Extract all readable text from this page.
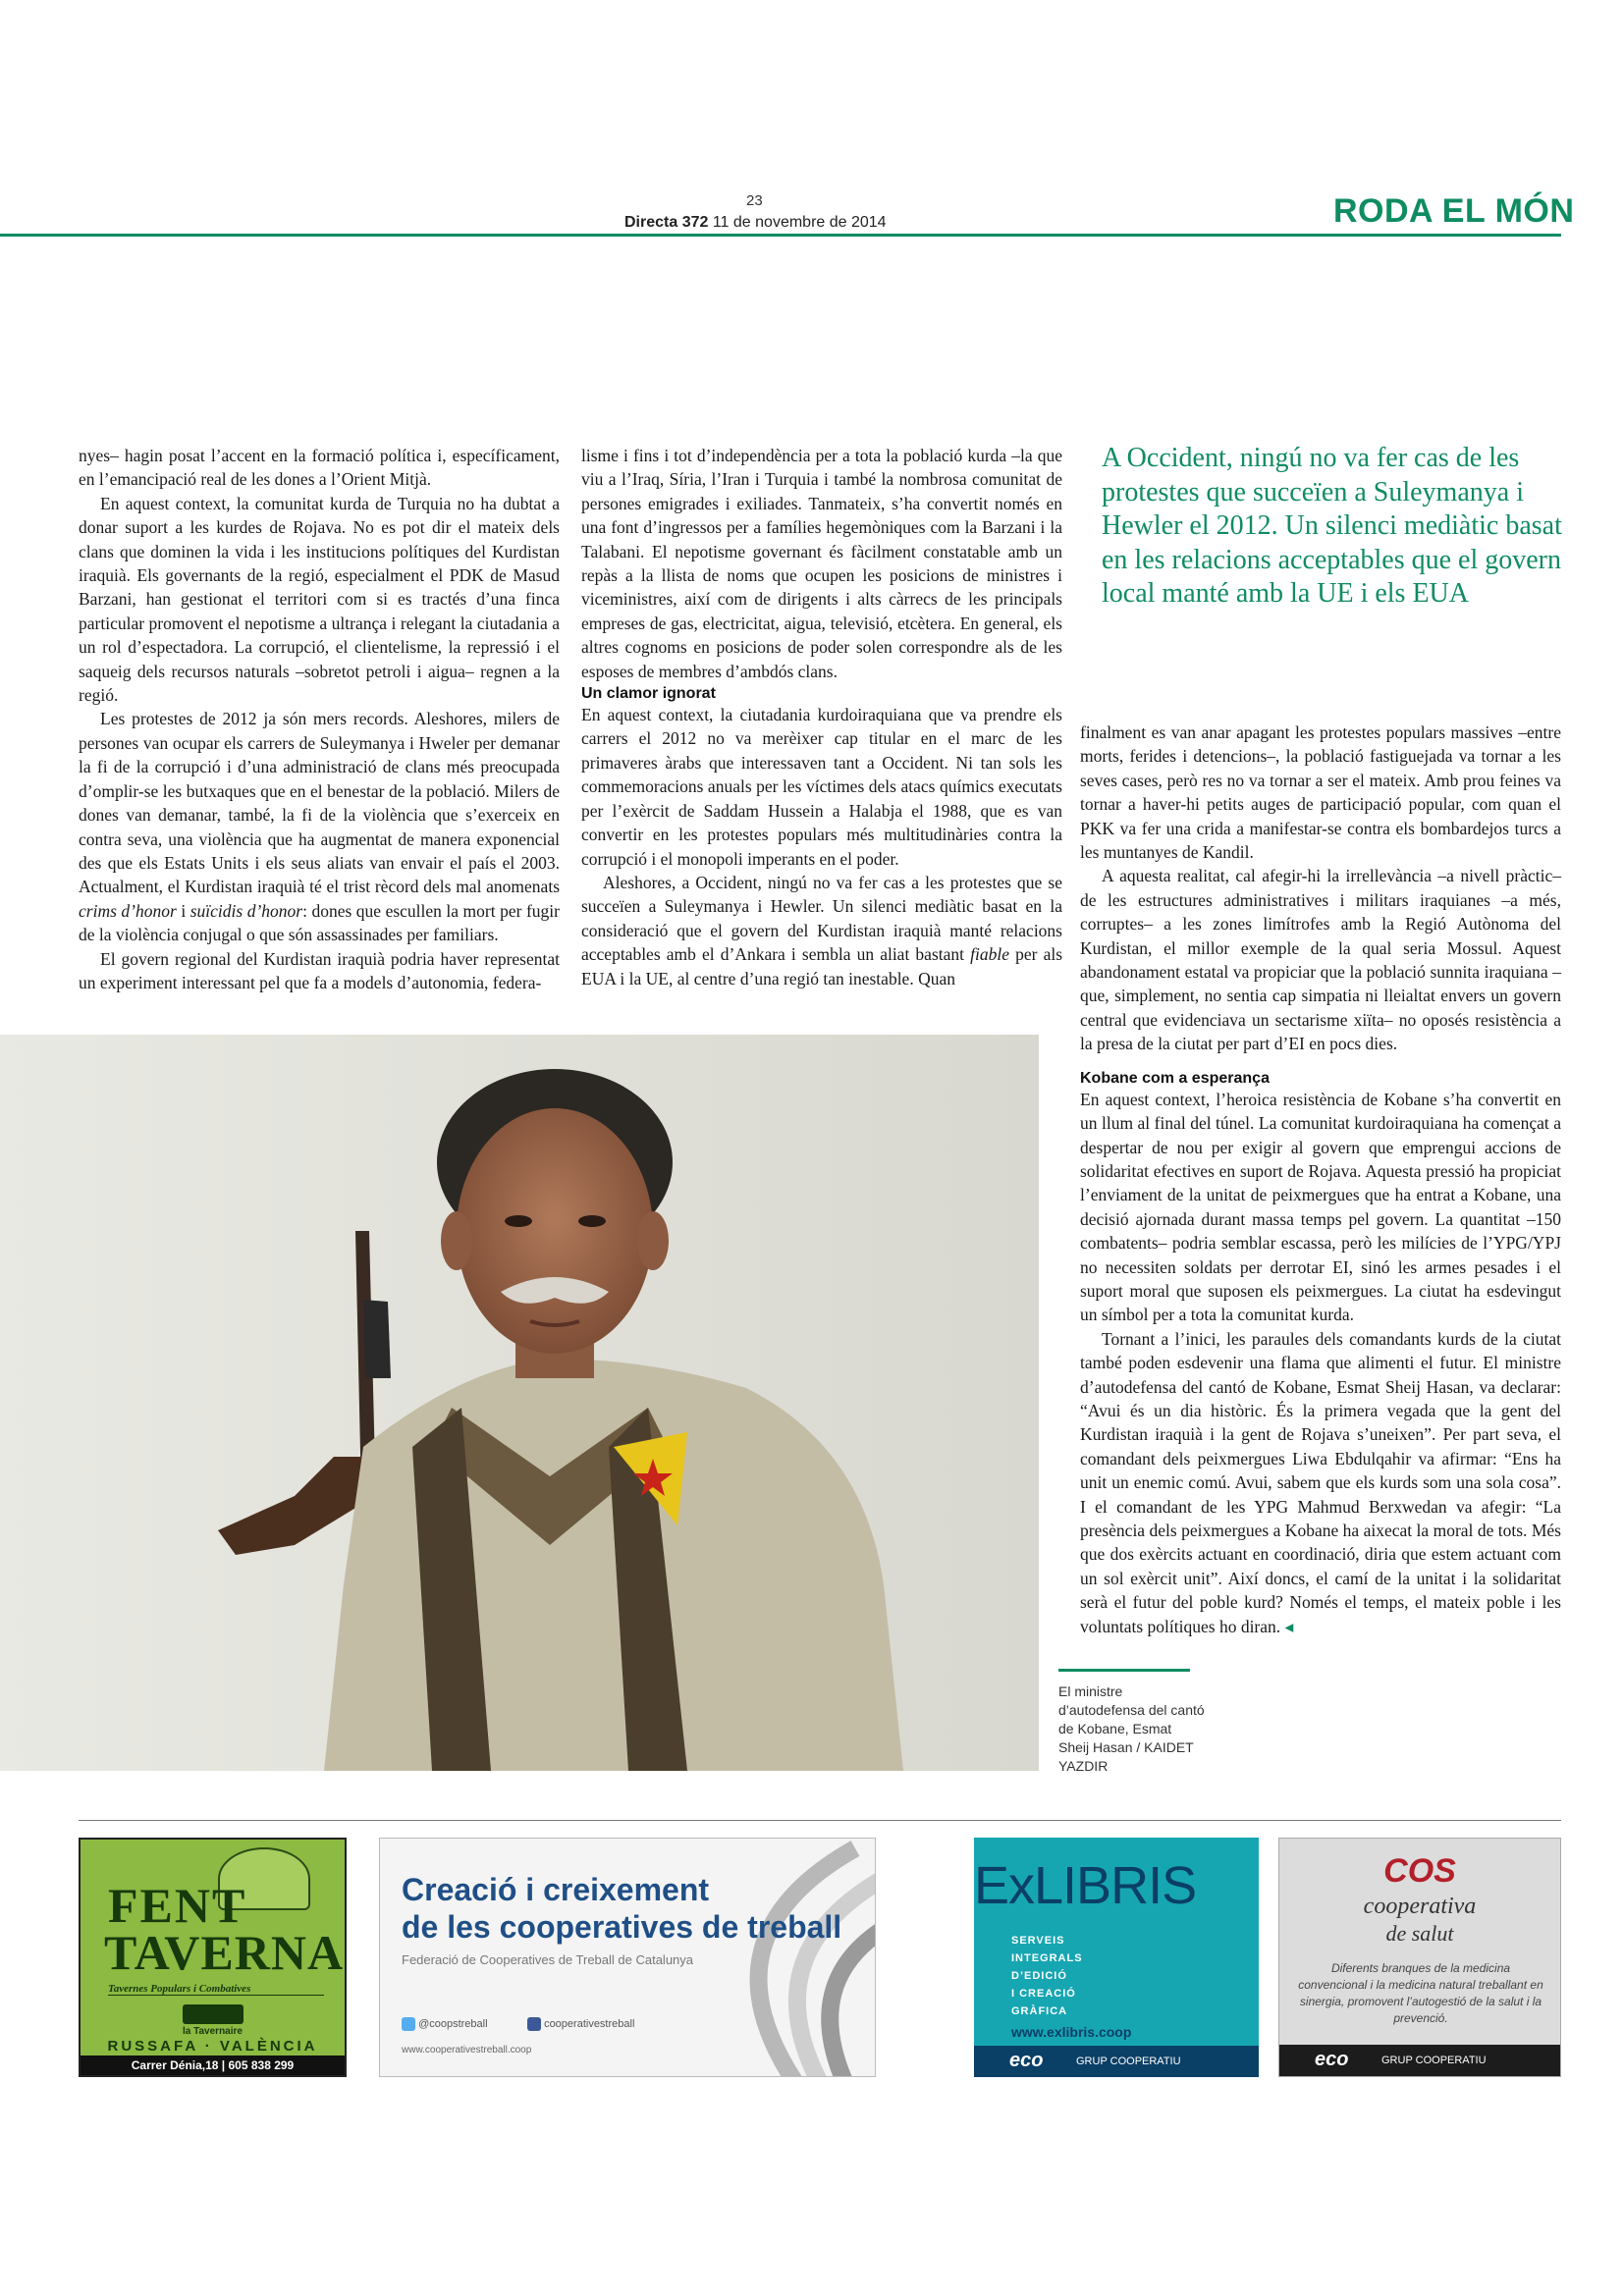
23
Directa 372 11 de novembre de 2014	RODA EL MÓN

nyes– hagin posat l’accent en la formació política i, específicament, en l’emancipació real de les dones a l’Orient Mitjà.

En aquest context, la comunitat kurda de Turquia no ha dubtat a donar suport a les kurdes de Rojava. No es pot dir el mateix dels clans que dominen la vida i les institucions polítiques del Kurdistan iraquià. Els governants de la regió, especialment el PDK de Masud Barzani, han gestionat el territori com si es tractés d’una finca particular promovent el nepotisme a ultrança i relegant la ciutadania a un rol d’espectadora. La corrupció, el clientelisme, la repressió i el saqueig dels recursos naturals –sobretot petroli i aigua– regnen a la regió.

Les protestes de 2012 ja són mers records. Aleshores, milers de persones van ocupar els carrers de Suleymanya i Hweler per demanar la fi de la corrupció i d’una administració de clans més preocupada d’omplir-se les butxaques que en el benestar de la població. Milers de dones van demanar, també, la fi de la violència que s’exerceix en contra seva, una violència que ha augmentat de manera exponencial des que els Estats Units i els seus aliats van envair el país el 2003. Actualment, el Kurdistan iraquià té el trist rècord dels mal anomenats crims d’honor i suïcidis d’honor: dones que escullen la mort per fugir de la violència conjugal o que són assassinades per familiars.

El govern regional del Kurdistan iraquià podria haver representat un experiment interessant pel que fa a models d’autonomia, federa-

lisme i fins i tot d’independència per a tota la població kurda –la que viu a l’Iraq, Síria, l’Iran i Turquia i també la nombrosa comunitat de persones emigrades i exiliades. Tanmateix, s’ha convertit només en una font d’ingressos per a famílies hegemòniques com la Barzani i la Talabani. El nepotisme governant és fàcilment constatable amb un repàs a la llista de noms que ocupen les posicions de ministres i viceministres, així com de dirigents i alts càrrecs de les principals empreses de gas, electricitat, aigua, televisió, etcètera. En general, els altres cognoms en posicions de poder solen correspondre als de les esposes de membres d’ambdós clans.

Un clamor ignorat

En aquest context, la ciutadania kurdoiraquiana que va prendre els carrers el 2012 no va merèixer cap titular en el marc de les primaveres àrabs que interessaven tant a Occident. Ni tan sols les commemoracions anuals per les víctimes dels atacs químics executats per l’exèrcit de Saddam Hussein a Halabja el 1988, que es van convertir en les protestes populars més multitudinàries contra la corrupció i el monopoli imperants en el poder.

Aleshores, a Occident, ningú no va fer cas a les protestes que se succeïen a Suleymanya i Hewler. Un silenci mediàtic basat en la consideració que el govern del Kurdistan iraquià manté relacions acceptables amb el d’Ankara i sembla un aliat bastant fiable per als EUA i la UE, al centre d’una regió tan inestable. Quan

A Occident, ningú no va fer cas de les protestes que succeïen a Suleymanya i Hewler el 2012. Un silenci mediàtic basat en les relacions acceptables que el govern local manté amb la UE i els EUA

finalment es van anar apagant les protestes populars massives –entre morts, ferides i detencions–, la població fastiguejada va tornar a les seves cases, però res no va tornar a ser el mateix. Amb prou feines va tornar a haver-hi petits auges de participació popular, com quan el PKK va fer una crida a manifestar-se contra els bombardejos turcs a les muntanyes de Kandil.

A aquesta realitat, cal afegir-hi la irrellevància –a nivell pràctic– de les estructures administratives i militars iraquianes –a més, corruptes– a les zones limítrofes amb la Regió Autònoma del Kurdistan, el millor exemple de la qual seria Mossul. Aquest abandonament estatal va propiciar que la població sunnita iraquiana –que, simplement, no sentia cap simpatia ni lleialtat envers un govern central que evidenciava un sectarisme xiïta– no oposés resistència a la presa de la ciutat per part d’EI en pocs dies.

Kobane com a esperança

En aquest context, l’heroica resistència de Kobane s’ha convertit en un llum al final del túnel. La comunitat kurdoiraquiana ha començat a despertar de nou per exigir al govern que emprengui accions de solidaritat efectives en suport de Rojava. Aquesta pressió ha propiciat l’enviament de la unitat de peixmergues que ha entrat a Kobane, una decisió ajornada durant massa temps pel govern. La quantitat –150 combatents– podria semblar escassa, però les milícies de l’YPG/YPJ no necessiten soldats per derrotar EI, sinó les armes pesades i el suport moral que suposen els peixmergues. La ciutat ha esdevingut un símbol per a tota la comunitat kurda.

Tornant a l’inici, les paraules dels comandants kurds de la ciutat també poden esdevenir una flama que alimenti el futur. El ministre d’autodefensa del cantó de Kobane, Esmat Sheij Hasan, va declarar: “Avui és un dia històric. És la primera vegada que la gent del Kurdistan iraquià i la gent de Rojava s’uneixen”. Per part seva, el comandant dels peixmergues Liwa Ebdulqahir va afirmar: “Ens ha unit un enemic comú. Avui, sabem que els kurds som una sola cosa”. I el comandant de les YPG Mahmud Berxwedan va afegir: “La presència dels peixmergues a Kobane ha aixecat la moral de tots. Més que dos exèrcits actuant en coordinació, diria que estem actuant com un sol exèrcit unit”. Així doncs, el camí de la unitat i la solidaritat serà el futur del poble kurd? Només el temps, el mateix poble i les voluntats polítiques ho diran. ◂

El ministre d’autodefensa del cantó de Kobane, Esmat Sheij Hasan / KAIDET YAZDIR
FENT
TAVERNA
Tavernes Populars i Combatives
la Tavernaire
RUSSAFA · VALÈNCIA
Carrer Dénia,18 | 605 838 299
Creació i creixement
de les cooperatives de treball
Federació de Cooperatives de Treball de Catalunya
@coopstreball	cooperativestreball
www.cooperativestreball.coop
ExLIBRIS
SERVEIS
INTEGRALS
D’EDICIÓ
I CREACIÓ
GRÀFICA
www.exlibris.coop
eco	GRUP COOPERATIU
COS
cooperativa
de salut
Diferents branques de la medicina convencional i la medicina natural treballant en sinergia, promovent l’autogestió de la salut i la prevenció.
eco	GRUP COOPERATIU
